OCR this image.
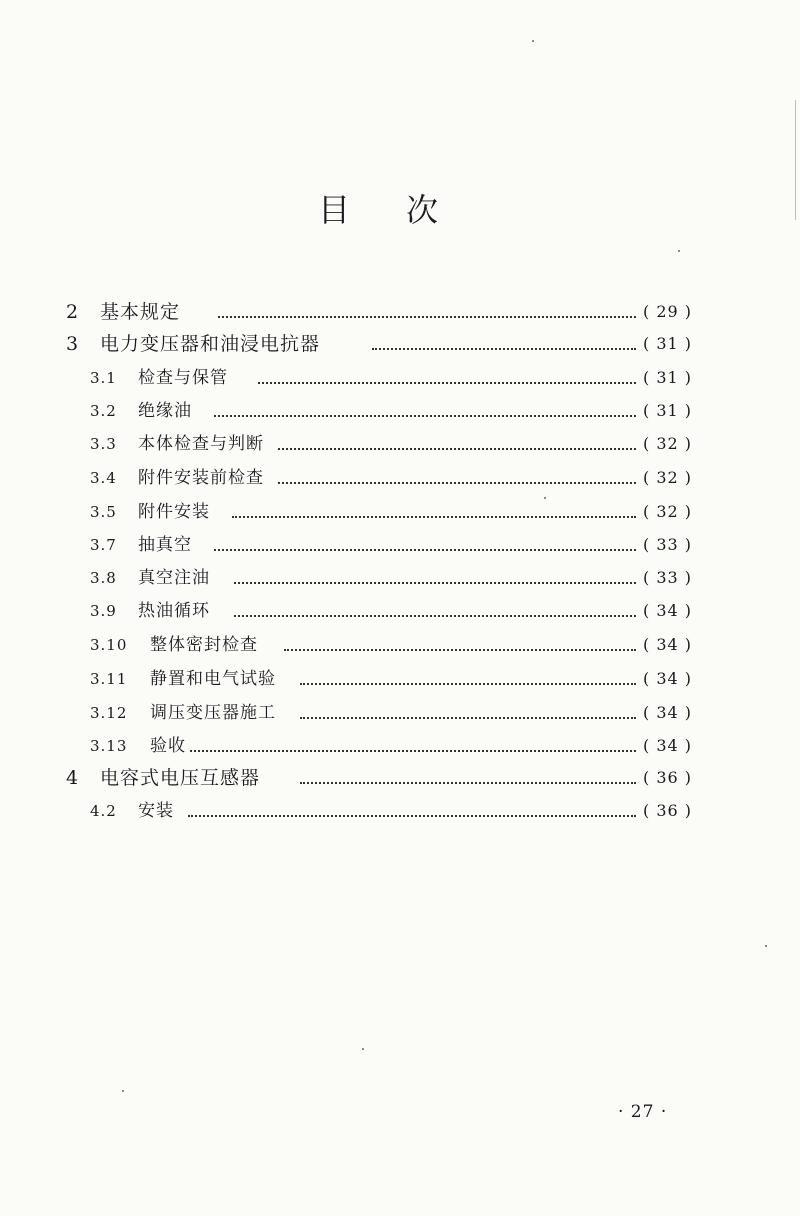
目 次
2 基本规定	( 29 )
3 电力变压器和油浸电抗器	( 31 )
3.1 检查与保管	( 31 )
3.2 绝缘油	( 31 )
3.3 本体检查与判断	( 32 )
3.4 附件安装前检查	( 32 )
3.5 附件安装	( 32 )
3.7 抽真空	( 33 )
3.8 真空注油	( 33 )
3.9 热油循环	( 34 )
3.10 整体密封检查	( 34 )
3.11 静置和电气试验	( 34 )
3.12 调压变压器施工	( 34 )
3.13 验收	( 34 )
4 电容式电压互感器	( 36 )
4.2 安装	( 36 )
· 27 ·
